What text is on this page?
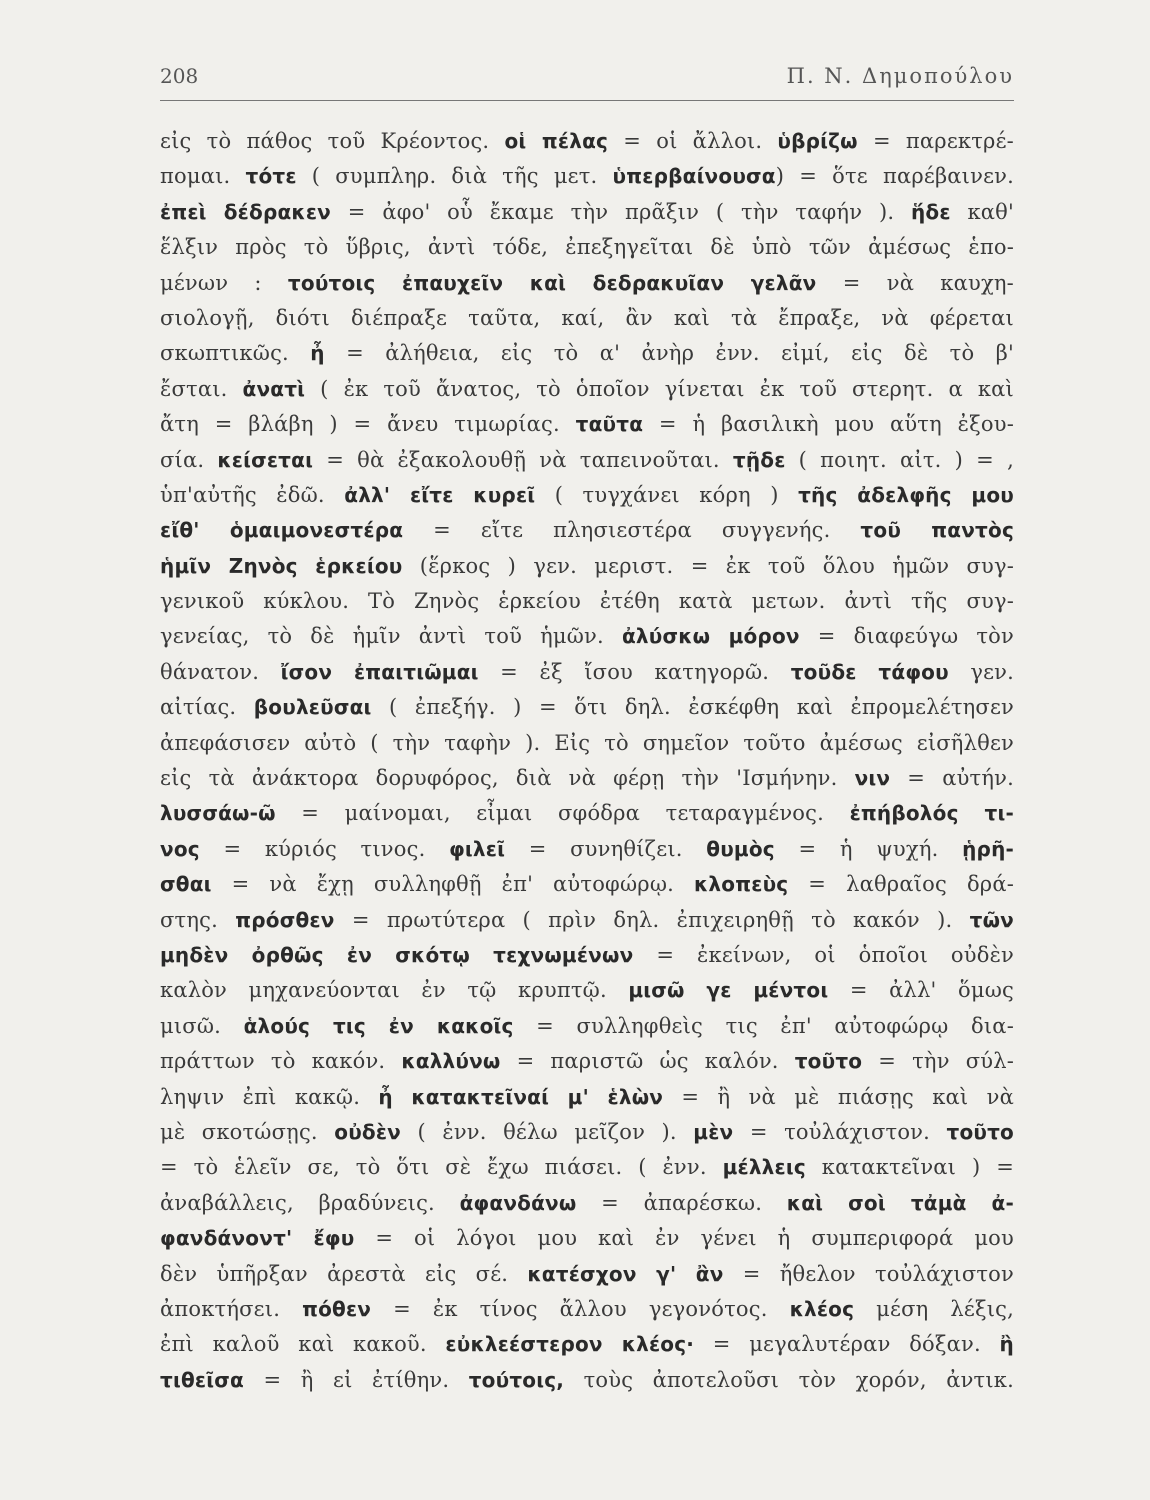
208	Π. Ν. Δημοπούλου
εἰς τὸ πάθος τοῦ Κρέοντος. οἱ πέλας = οἱ ἄλλοι. ὑβρίζω = παρεκτρέ-
πομαι. τότε ( συμπληρ. διὰ τῆς μετ. ὑπερβαίνουσα) = ὅτε παρέβαινεν.
ἐπεὶ δέδρακεν = ἀφο' οὗ ἔκαμε τὴν πρᾶξιν ( τὴν ταφήν ). ἥδε καθ'
ἕλξιν πρὸς τὸ ὕβρις, ἀντὶ τόδε, ἐπεξηγεῖται δὲ ὑπὸ τῶν ἀμέσως ἑπο-
μένων : τούτοις ἐπαυχεῖν καὶ δεδρακυῖαν γελᾶν = νὰ καυχη-
σιολογῇ, διότι διέπραξε ταῦτα, καί, ἂν καὶ τὰ ἔπραξε, νὰ φέρεται
σκωπτικῶς. ἦ = ἀλήθεια, εἰς τὸ α' ἀνὴρ ἐνν. εἰμί, εἰς δὲ τὸ β'
ἔσται. ἀνατὶ ( ἐκ τοῦ ἄνατος, τὸ ὁποῖον γίνεται ἐκ τοῦ στερητ. α καὶ
ἄτη = βλάβη ) = ἄνευ τιμωρίας. ταῦτα = ἡ βασιλικὴ μου αὕτη ἐξου-
σία. κείσεται = θὰ ἐξακολουθῇ νὰ ταπεινοῦται. τῇδε ( ποιητ. αἰτ. ) = ,
ὑπ'αὐτῆς ἐδῶ. ἀλλ' εἴτε κυρεῖ ( τυγχάνει κόρη ) τῆς ἀδελφῆς μου
εἴθ' ὁμαιμονεστέρα = εἴτε πλησιεστέρα συγγενής. τοῦ παντὸς
ἡμῖν Ζηνὸς ἑρκείου (ἕρκος ) γεν. μεριστ. = ἐκ τοῦ ὅλου ἡμῶν συγ-
γενικοῦ κύκλου. Τὸ Ζηνὸς ἑρκείου ἐτέθη κατὰ μετων. ἀντὶ τῆς συγ-
γενείας, τὸ δὲ ἡμῖν ἀντὶ τοῦ ἡμῶν. ἀλύσκω μόρον = διαφεύγω τὸν
θάνατον. ἴσον ἐπαιτιῶμαι = ἐξ ἴσου κατηγορῶ. τοῦδε τάφου γεν.
αἰτίας. βουλεῦσαι ( ἐπεξήγ. ) = ὅτι δηλ. ἐσκέφθη καὶ ἐπρομελέτησεν
ἀπεφάσισεν αὐτὸ ( τὴν ταφὴν ). Εἰς τὸ σημεῖον τοῦτο ἀμέσως εἰσῆλθεν
εἰς τὰ ἀνάκτορα δορυφόρος, διὰ νὰ φέρῃ τὴν 'Ισμήνην. νιν = αὐτήν.
λυσσάω-ῶ = μαίνομαι, εἶμαι σφόδρα τεταραγμένος. ἐπήβολός τι-
νος = κύριός τινος. φιλεῖ = συνηθίζει. θυμὸς = ἡ ψυχή. ᾑρῆ-
σθαι = νὰ ἔχῃ συλληφθῇ ἐπ' αὐτοφώρῳ. κλοπεὺς = λαθραῖος δρά-
στης. πρόσθεν = πρωτύτερα ( πρὶν δηλ. ἐπιχειρηθῇ τὸ κακόν ). τῶν
μηδὲν ὀρθῶς ἐν σκότῳ τεχνωμένων = ἐκείνων, οἱ ὁποῖοι οὐδὲν
καλὸν μηχανεύονται ἐν τῷ κρυπτῷ. μισῶ γε μέντοι = ἀλλ' ὅμως
μισῶ. ἁλούς τις ἐν κακοῖς = συλληφθεὶς τις ἐπ' αὐτοφώρῳ δια-
πράττων τὸ κακόν. καλλύνω = παριστῶ ὡς καλόν. τοῦτο = τὴν σύλ-
ληψιν ἐπὶ κακῷ. ἦ κατακτεῖναί μ' ἑλὼν = ἢ νὰ μὲ πιάσῃς καὶ νὰ
μὲ σκοτώσῃς. οὐδὲν ( ἐνν. θέλω μεῖζον ). μὲν = τοὐλάχιστον. τοῦτο
= τὸ ἑλεῖν σε, τὸ ὅτι σὲ ἔχω πιάσει. ( ἐνν. μέλλεις κατακτεῖναι ) =
ἀναβάλλεις, βραδύνεις. ἀφανδάνω = ἀπαρέσκω. καὶ σοὶ τἀμὰ ἀ-
φανδάνοντ' ἔφυ = οἱ λόγοι μου καὶ ἐν γένει ἡ συμπεριφορά μου
δὲν ὑπῆρξαν ἀρεστὰ εἰς σέ. κατέσχον γ' ἂν = ἤθελον τοὐλάχιστον
ἀποκτήσει. πόθεν = ἐκ τίνος ἄλλου γεγονότος. κλέος μέση λέξις,
ἐπὶ καλοῦ καὶ κακοῦ. εὐκλεέστερον κλέος· = μεγαλυτέραν δόξαν. ἢ
τιθεῖσα = ἢ εἰ ἐτίθην. τούτοις, τοὺς ἀποτελοῦσι τὸν χορόν, ἀντικ.
